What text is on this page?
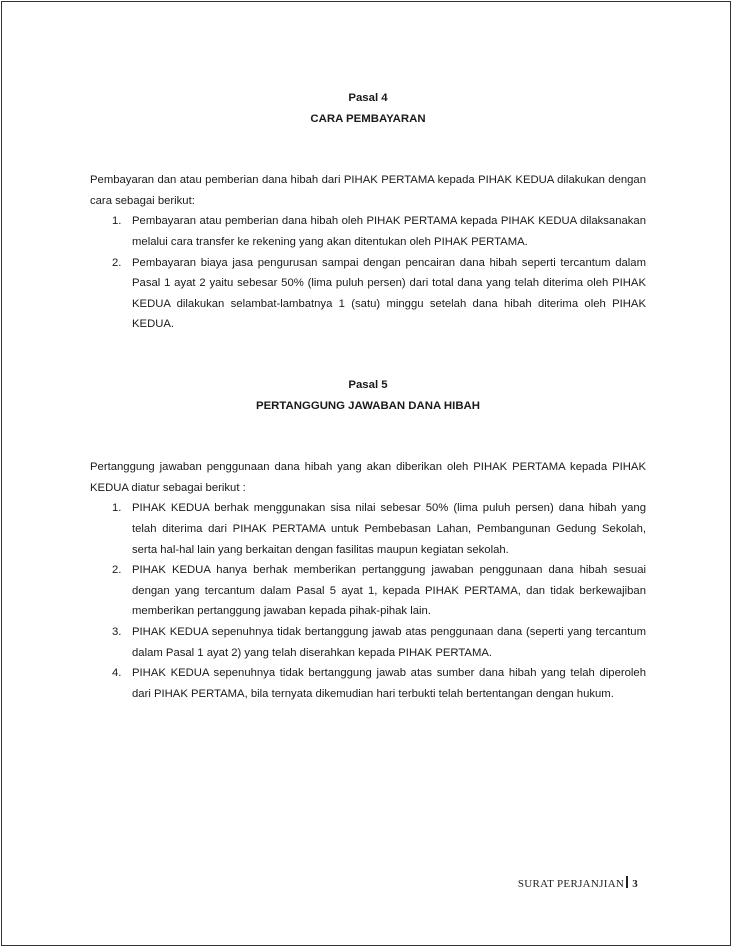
Pasal 4

CARA PEMBAYARAN

Pembayaran dan atau pemberian dana hibah dari PIHAK PERTAMA kepada PIHAK KEDUA dilakukan dengan cara sebagai berikut:

1. Pembayaran atau pemberian dana hibah oleh PIHAK PERTAMA kepada PIHAK KEDUA dilaksanakan melalui cara transfer ke rekening yang akan ditentukan oleh PIHAK PERTAMA.
2. Pembayaran biaya jasa pengurusan sampai dengan pencairan dana hibah seperti tercantum dalam Pasal 1 ayat 2 yaitu sebesar 50% (lima puluh persen) dari total dana yang telah diterima oleh PIHAK KEDUA dilakukan selambat-lambatnya 1 (satu) minggu setelah dana hibah diterima oleh PIHAK KEDUA.

Pasal 5

PERTANGGUNG JAWABAN DANA HIBAH

Pertanggung jawaban penggunaan dana hibah yang akan diberikan oleh PIHAK PERTAMA kepada PIHAK KEDUA diatur sebagai berikut :

1. PIHAK KEDUA berhak menggunakan sisa nilai sebesar 50% (lima puluh persen) dana hibah yang telah diterima dari PIHAK PERTAMA untuk Pembebasan Lahan, Pembangunan Gedung Sekolah, serta hal-hal lain yang berkaitan dengan fasilitas maupun kegiatan sekolah.
2. PIHAK KEDUA hanya berhak memberikan pertanggung jawaban penggunaan dana hibah sesuai dengan yang tercantum dalam Pasal 5 ayat 1, kepada PIHAK PERTAMA, dan tidak berkewajiban memberikan pertanggung jawaban kepada pihak-pihak lain.
3. PIHAK KEDUA sepenuhnya tidak bertanggung jawab atas penggunaan dana (seperti yang tercantum dalam Pasal 1 ayat 2) yang telah diserahkan kepada PIHAK PERTAMA.
4. PIHAK KEDUA sepenuhnya tidak bertanggung jawab atas sumber dana hibah yang telah diperoleh dari PIHAK PERTAMA, bila ternyata dikemudian hari terbukti telah bertentangan dengan hukum.
SURAT PERJANJIAN 3
